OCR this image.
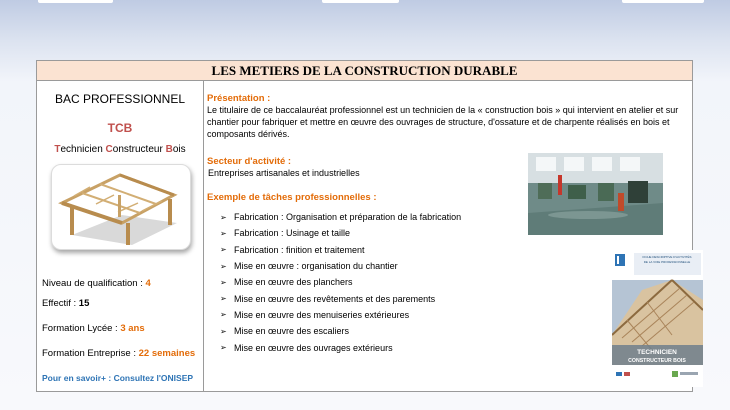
LES METIERS DE LA CONSTRUCTION DURABLE
BAC PROFESSIONNEL
TCB
Technicien Constructeur Bois
Niveau de qualification : 4
Effectif : 15
Formation Lycée : 3 ans
Formation Entreprise : 22 semaines
Pour en savoir+ : Consultez l'ONISEP
Présentation :
Le titulaire de ce baccalauréat professionnel est un technicien de la « construction bois » qui intervient en atelier et sur chantier pour fabriquer et mettre en œuvre des ouvrages de structure, d'ossature et de charpente réalisés en bois et composants dérivés.
Secteur d'activité :
Entreprises artisanales et industrielles
Exemple de tâches professionnelles :
➢ Fabrication : Organisation et préparation de la fabrication
➢ Fabrication : Usinage et taille
➢ Fabrication : finition et traitement
➢ Mise en œuvre : organisation du chantier
➢ Mise en œuvre des planchers
➢ Mise en œuvre des revêtements et des parements
➢ Mise en œuvre des menuiseries extérieures
➢ Mise en œuvre des escaliers
➢ Mise en œuvre des ouvrages extérieurs
FICHE DESCRIPTIVE D'ACTIVITÉS
DE LA VOIE PROFESSIONNELLE
TECHNICIEN
CONSTRUCTEUR BOIS
